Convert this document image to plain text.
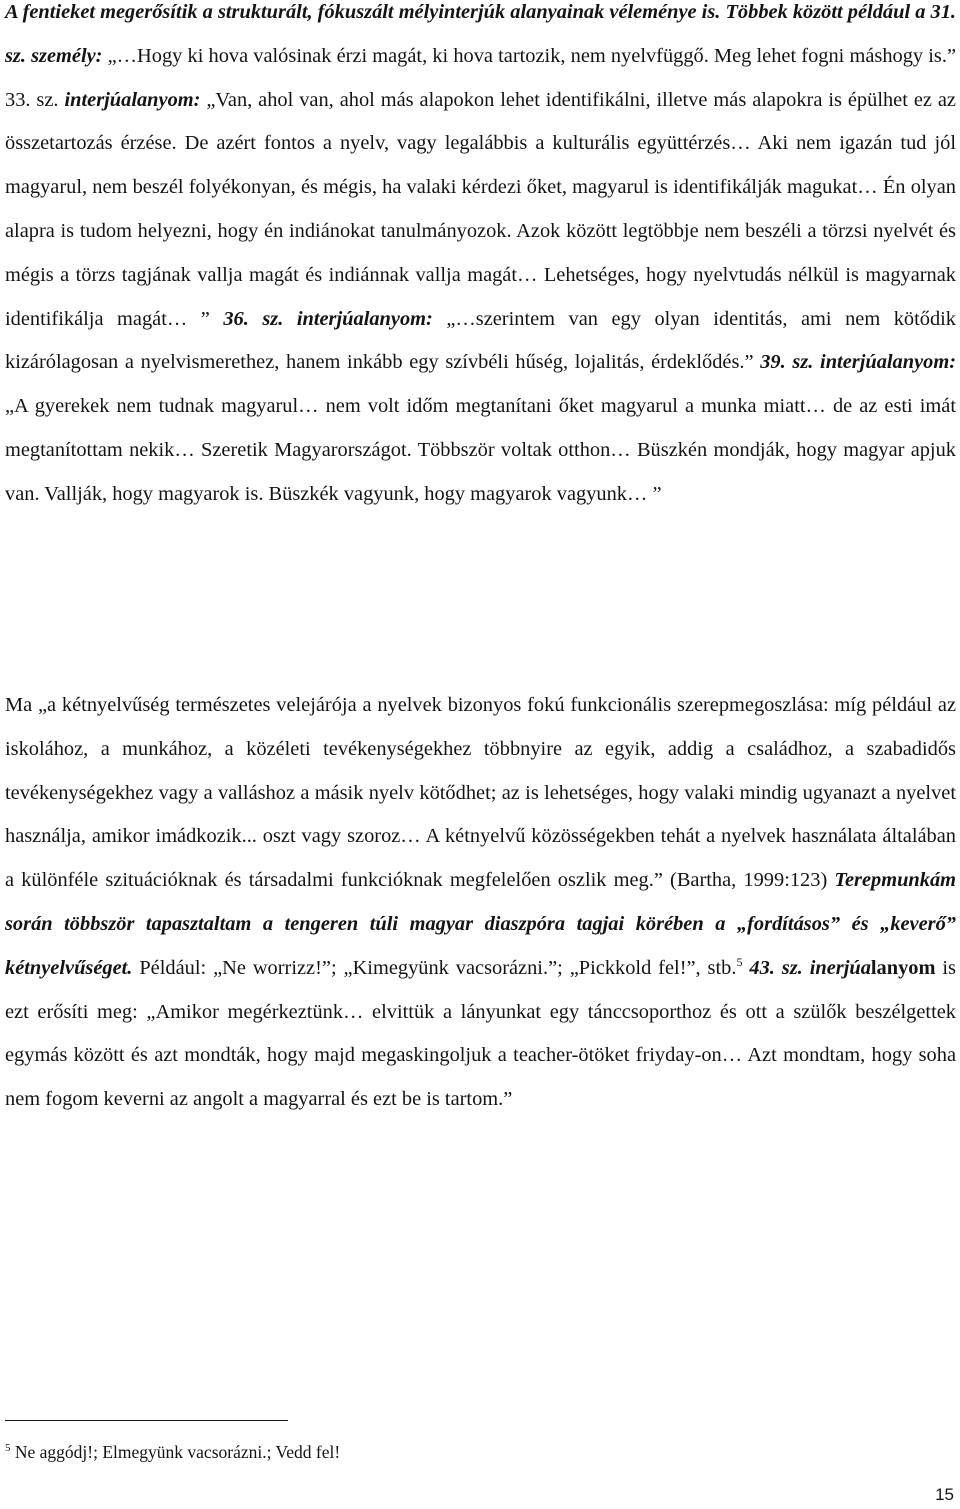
A fentieket megerősítik a strukturált, fókuszált mélyinterjúk alanyainak véleménye is. Többek között például a 31. sz. személy: „…Hogy ki hova valósinak érzi magát, ki hova tartozik, nem nyelvfüggő. Meg lehet fogni máshogy is.” 33. sz. interjúalanyom: „Van, ahol van, ahol más alapokon lehet identifikálni, illetve más alapokra is épülhet ez az összetartozás érzése. De azért fontos a nyelv, vagy legalábbis a kulturális együttérzés… Aki nem igazán tud jól magyarul, nem beszél folyékonyan, és mégis, ha valaki kérdezi őket, magyarul is identifikálják magukat… Én olyan alapra is tudom helyezni, hogy én indiánokat tanulmányozok. Azok között legtöbbje nem beszéli a törzsi nyelvét és mégis a törzs tagjának vallja magát és indiánnak vallja magát… Lehetséges, hogy nyelvtudás nélkül is magyarnak identifikálja magát… ” 36. sz. interjúalanyom: „…szerintem van egy olyan identitás, ami nem kötődik kizárólagosan a nyelvismerethez, hanem inkább egy szívbéli hűség, lojalitás, érdeklődés.” 39. sz. interjúalanyom: „A gyerekek nem tudnak magyarul… nem volt időm megtanítani őket magyarul a munka miatt… de az esti imát megtanítottam nekik… Szeretik Magyarországot. Többször voltak otthon… Büszkén mondják, hogy magyar apjuk van. Vallják, hogy magyarok is. Büszkék vagyunk, hogy magyarok vagyunk… ”

Ma „a kétnyelvűség természetes velejárója a nyelvek bizonyos fokú funkcionális szerepmegoszlása: míg például az iskolához, a munkához, a közéleti tevékenységekhez többnyire az egyik, addig a családhoz, a szabadidős tevékenységekhez vagy a valláshoz a másik nyelv kötődhet; az is lehetséges, hogy valaki mindig ugyanazt a nyelvet használja, amikor imádkozik... oszt vagy szoroz… A kétnyelvű közösségekben tehát a nyelvek használata általában a különféle szituációknak és társadalmi funkcióknak megfelelően oszlik meg.” (Bartha, 1999:123) Terepmunkám során többször tapasztaltam a tengeren túli magyar diaszpóra tagjai körében a „fordításos” és „keverő” kétnyelvűséget. Például: „Ne worrizz!”; „Kimegyünk vacsorázni.”; „Pickkold fel!”, stb.$^5$ 43. sz. inerjúalanyom is ezt erősíti meg: „Amikor megérkeztünk… elvittük a lányunkat egy tánccsoporthoz és ott a szülők beszélgettek egymás között és azt mondták, hogy majd megaskingoljuk a teacher-ötöket friyday-on… Azt mondtam, hogy soha nem fogom keverni az angolt a magyarral és ezt be is tartom.”

$^5$ Ne aggódj!; Elmegyünk vacsorázni.; Vedd fel!
15
